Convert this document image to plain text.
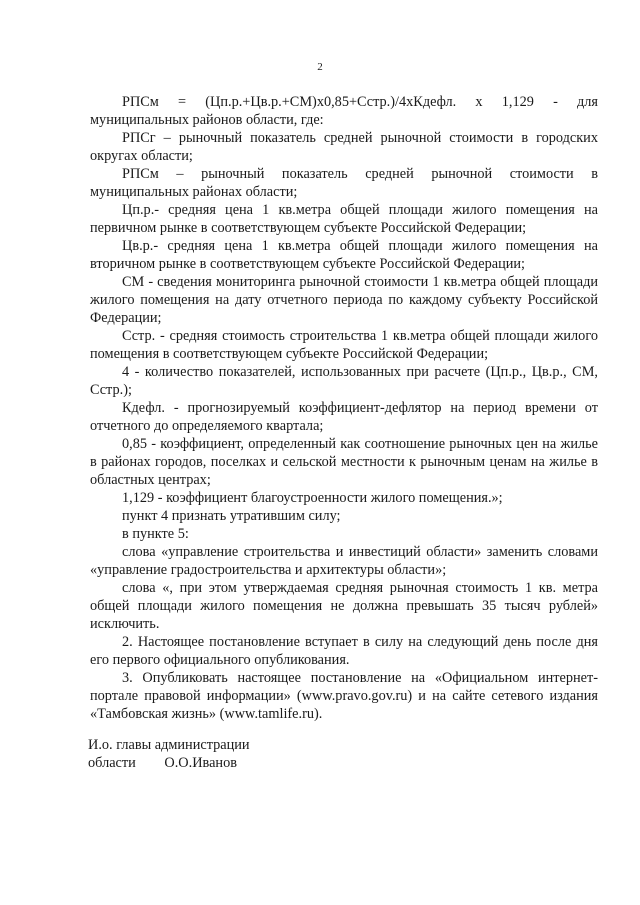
2

РПСм = (Цп.р.+Цв.р.+СМ)х0,85+Сстр.)/4хКдефл. х 1,129 - для муниципальных районов области, где:

РПСг – рыночный показатель средней рыночной стоимости в городских округах области;

РПСм – рыночный показатель средней рыночной стоимости в муниципальных районах области;

Цп.р.- средняя цена 1 кв.метра общей площади жилого помещения на первичном рынке в соответствующем субъекте Российской Федерации;

Цв.р.- средняя цена 1 кв.метра общей площади жилого помещения на вторичном рынке в соответствующем субъекте Российской Федерации;

СМ - сведения мониторинга рыночной стоимости 1 кв.метра общей площади жилого помещения на дату отчетного периода по каждому субъекту Российской Федерации;

Сстр. - средняя стоимость строительства 1 кв.метра общей площади жилого помещения в соответствующем субъекте Российской Федерации;

4 - количество показателей, использованных при расчете (Цп.р., Цв.р., СМ, Сстр.);

Кдефл. - прогнозируемый коэффициент-дефлятор на период времени от отчетного до определяемого квартала;

0,85 - коэффициент, определенный как соотношение рыночных цен на жилье в районах городов, поселках и сельской местности к рыночным ценам на жилье в областных центрах;

1,129 - коэффициент благоустроенности жилого помещения.»;

пункт 4 признать утратившим силу;

в пункте 5:

слова «управление строительства и инвестиций области» заменить словами «управление градостроительства и архитектуры области»;

слова «, при этом утверждаемая средняя рыночная стоимость 1 кв. метра общей площади жилого помещения не должна превышать 35 тысяч рублей» исключить.

2. Настоящее постановление вступает в силу на следующий день после дня его первого официального опубликования.

3. Опубликовать настоящее постановление на «Официальном интернет-портале правовой информации» (www.pravo.gov.ru) и на сайте сетевого издания «Тамбовская жизнь» (www.tamlife.ru).

И.о. главы администрации

области О.О.Иванов
